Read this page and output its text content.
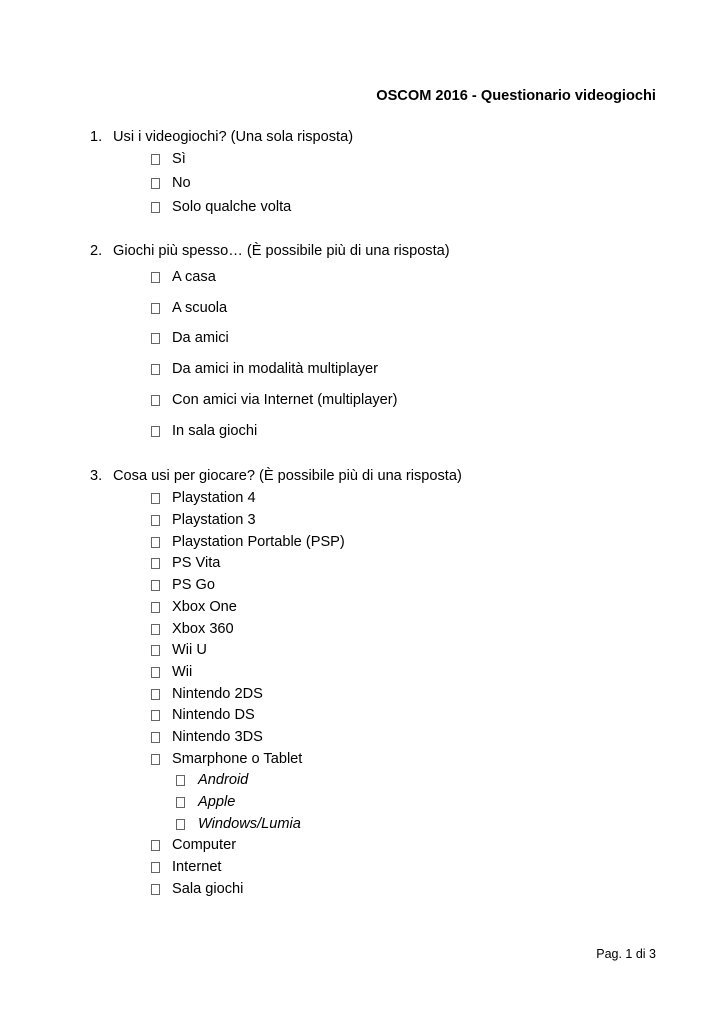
OSCOM 2016 - Questionario videogiochi
1. Usi i videogiochi? (Una sola risposta)
Sì
No
Solo qualche volta
2. Giochi più spesso… (È possibile più di una risposta)
A casa
A scuola
Da amici
Da amici in modalità multiplayer
Con amici via Internet (multiplayer)
In sala giochi
3. Cosa usi per giocare? (È possibile più di una risposta)
Playstation 4
Playstation 3
Playstation Portable (PSP)
PS Vita
PS Go
Xbox One
Xbox 360
Wii U
Wii
Nintendo 2DS
Nintendo DS
Nintendo 3DS
Smarphone o Tablet
Android
Apple
Windows/Lumia
Computer
Internet
Sala giochi
Pag. 1 di 3
